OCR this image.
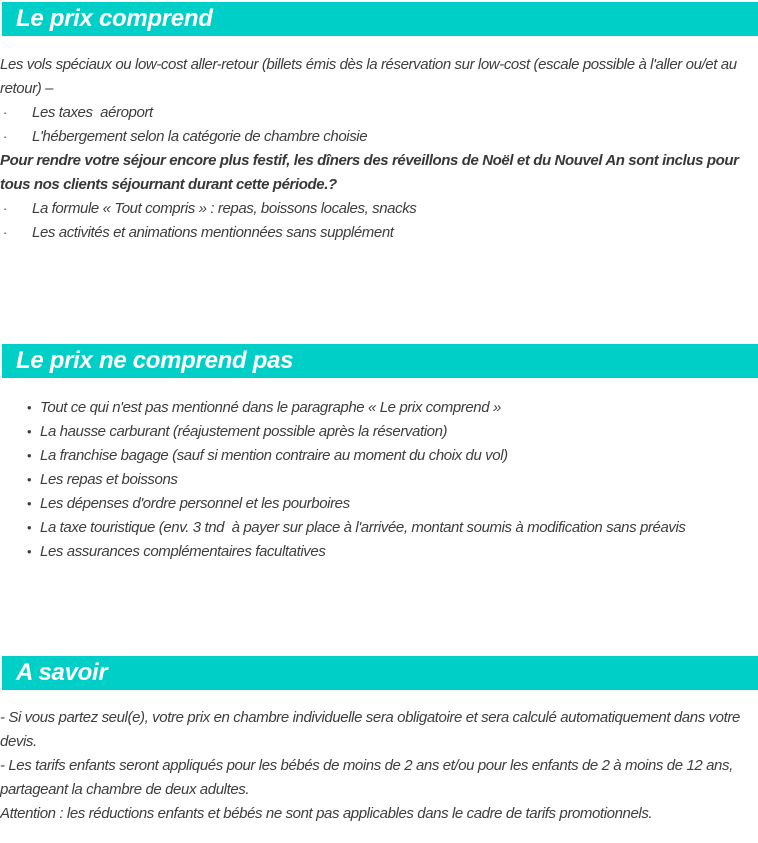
Le prix comprend

Les vols spéciaux ou low-cost aller-retour (billets émis dès la réservation sur low-cost (escale possible à l'aller ou/et au retour) –

·	Les taxes  aéroport
·	L'hébergement selon la catégorie de chambre choisie

Pour rendre votre séjour encore plus festif, les dîners des réveillons de Noël et du Nouvel An sont inclus pour tous nos clients séjournant durant cette période.?

·	La formule « Tout compris » : repas, boissons locales, snacks
·	Les activités et animations mentionnées sans supplément
Le prix ne comprend pas
• Tout ce qui n'est pas mentionné dans le paragraphe « Le prix comprend »
• La hausse carburant (réajustement possible après la réservation)
• La franchise bagage (sauf si mention contraire au moment du choix du vol)
• Les repas et boissons
• Les dépenses d'ordre personnel et les pourboires
• La taxe touristique (env. 3 tnd  à payer sur place à l'arrivée, montant soumis à modification sans préavis
• Les assurances complémentaires facultatives
A savoir

- Si vous partez seul(e), votre prix en chambre individuelle sera obligatoire et sera calculé automatiquement dans votre devis.

- Les tarifs enfants seront appliqués pour les bébés de moins de 2 ans et/ou pour les enfants de 2 à moins de 12 ans, partageant la chambre de deux adultes.

Attention : les réductions enfants et bébés ne sont pas applicables dans le cadre de tarifs promotionnels.
